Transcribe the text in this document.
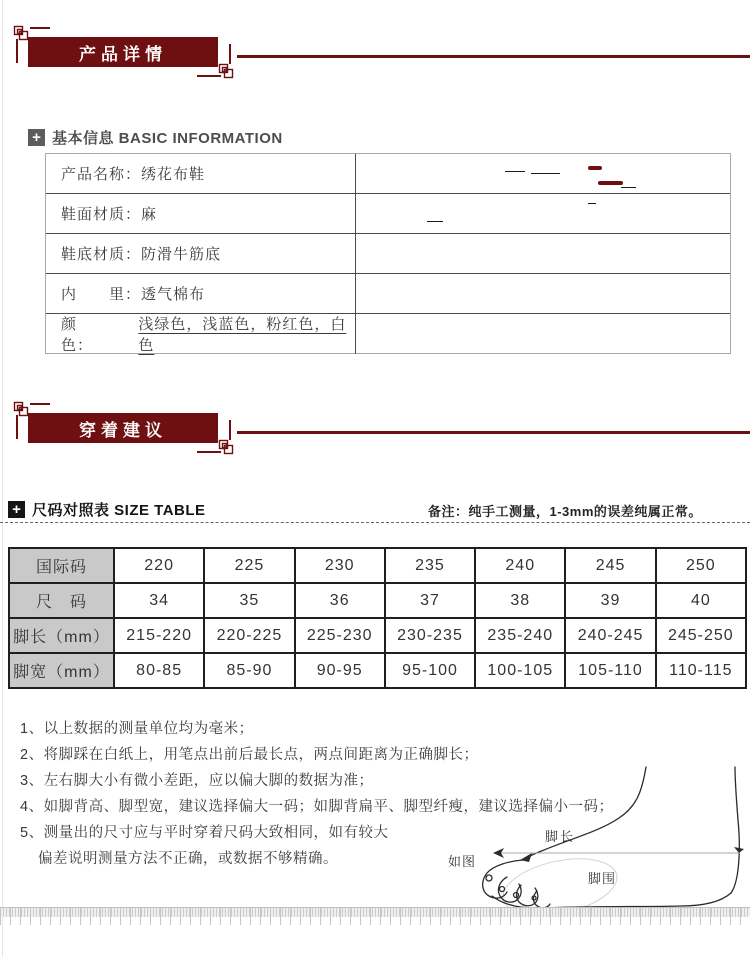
产品详情
+ 基本信息 BASIC INFORMATION
产品名称： 绣花布鞋
鞋面材质： 麻
鞋底材质： 防滑牛筋底
内　　里： 透气棉布
颜　　色：
浅绿色，浅蓝色，粉红色，白色
穿着建议
+ 尺码对照表 SIZE TABLE	备注：纯手工测量，1-3mm的误差纯属正常。
国际码	220	225	230	235	240	245	250
尺　码	34	35	36	37	38	39	40
脚长（mm）	215-220	220-225	225-230	230-235	235-240	240-245	245-250
脚宽（mm）	80-85	85-90	90-95	95-100	100-105	105-110	110-115
1、以上数据的测量单位均为毫米；
2、将脚踩在白纸上，用笔点出前后最长点，两点间距离为正确脚长；
3、左右脚大小有微小差距，应以偏大脚的数据为准；
4、如脚背高、脚型宽，建议选择偏大一码；如脚背扁平、脚型纤瘦，建议选择偏小一码；
5、测量出的尺寸应与平时穿着尺码大致相同，如有较大
偏差说明测量方法不正确，或数据不够精确。
脚长
如图
脚围
